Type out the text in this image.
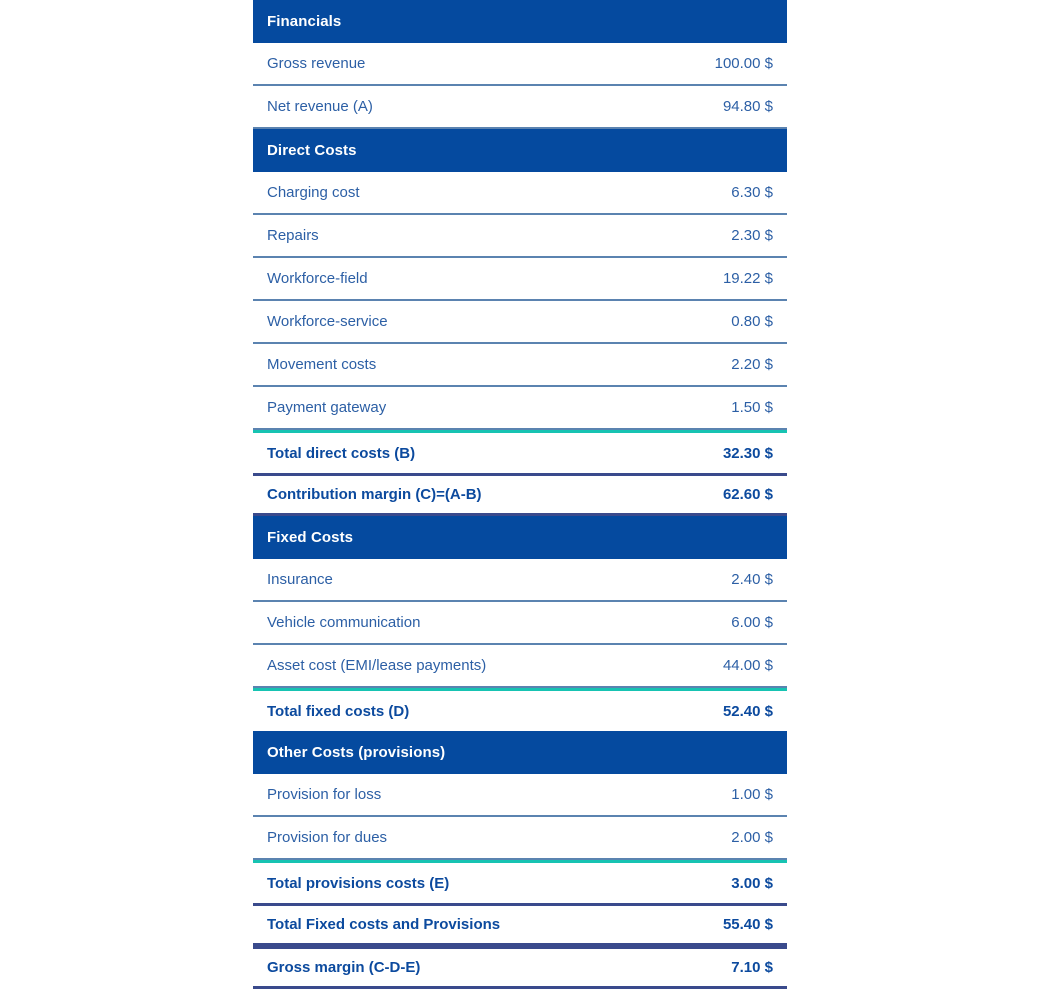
Financials
Gross revenue	100.00 $
Net revenue (A)	94.80 $
Direct Costs
Charging cost	6.30 $
Repairs	2.30 $
Workforce-field	19.22 $
Workforce-service	0.80 $
Movement costs	2.20 $
Payment gateway	1.50 $
Total direct costs (B)	32.30 $
Contribution margin (C)=(A-B)	62.60 $
Fixed Costs
Insurance	2.40 $
Vehicle communication	6.00 $
Asset cost (EMI/lease payments)	44.00 $
Total fixed costs (D)	52.40 $
Other Costs (provisions)
Provision for loss	1.00 $
Provision for dues	2.00 $
Total provisions costs (E)	3.00 $
Total Fixed costs and Provisions	55.40 $
Gross margin (C-D-E)	7.10 $
